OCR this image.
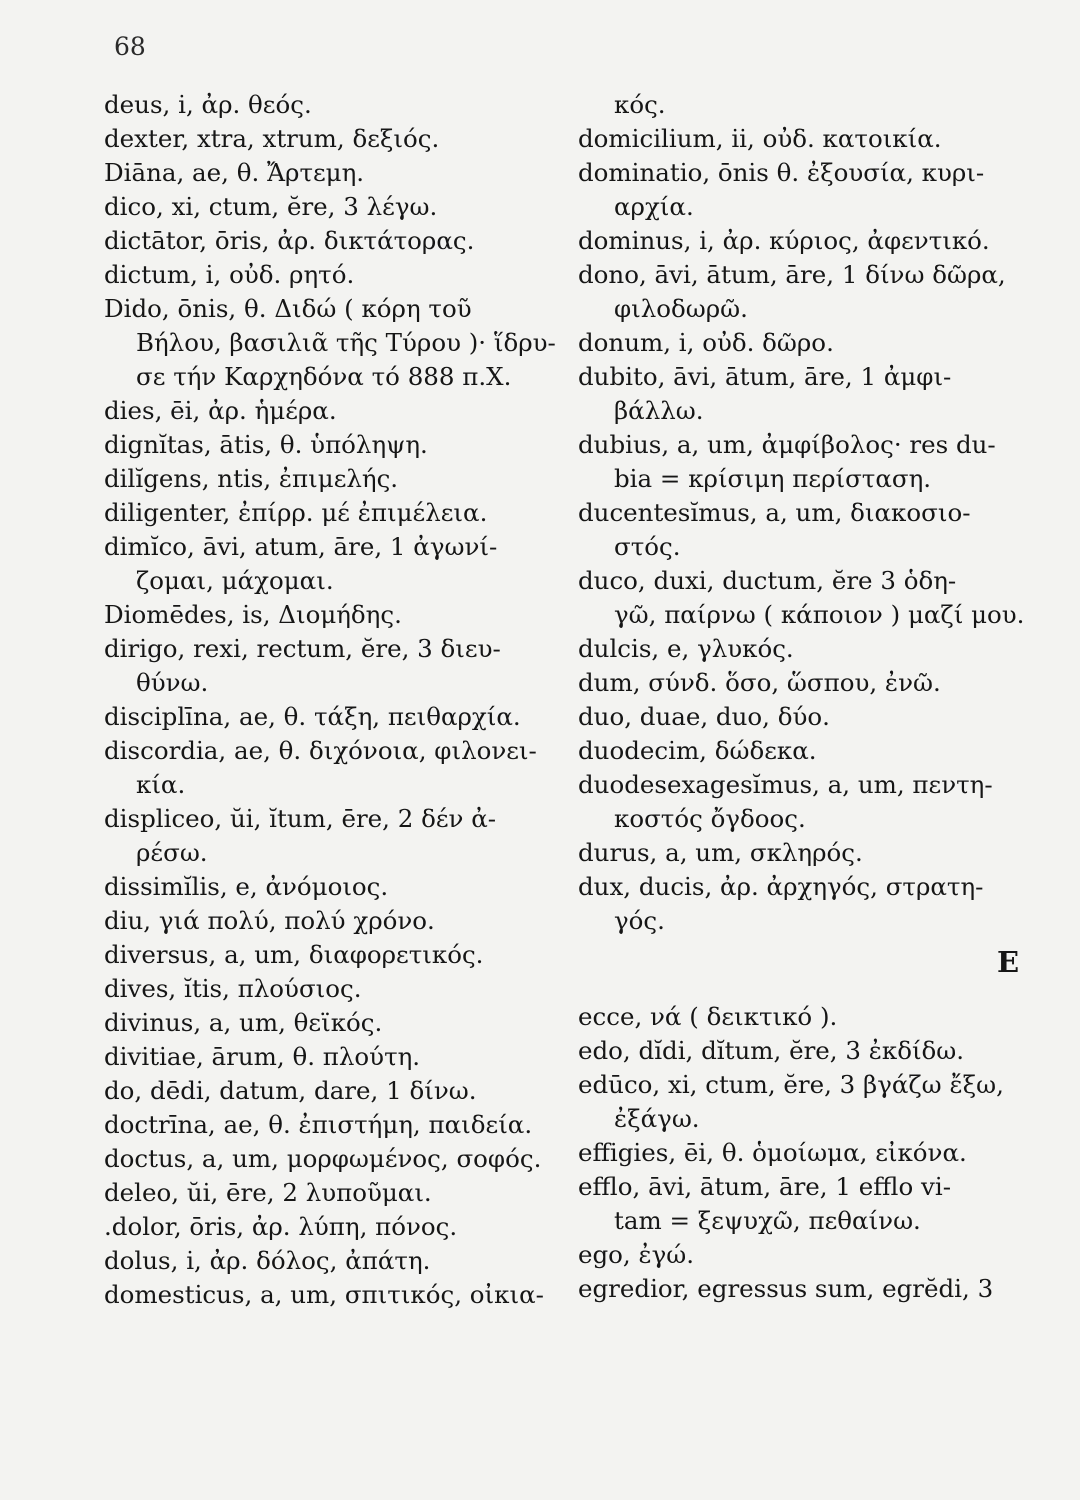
68
deus, i, ἀρ. θεός.
dexter, xtra, xtrum, δεξιός.
Diāna, ae, θ. Ἄρτεμη.
dico, xi, ctum, ĕre, 3 λέγω.
dictātor, ōris, ἀρ. δικτάτορας.
dictum, i, οὐδ. ρητό.
Dido, ōnis, θ. Διδώ ( κόρη τοῦ
Βήλου, βασιλιᾶ τῆς Τύρου )· ἵδρυ-
σε τήν Καρχηδόνα τό 888 π.Χ.
dies, ēi, ἀρ. ἡμέρα.
dignĭtas, ātis, θ. ὑπόληψη.
dilĭgens, ntis, ἐπιμελής.
diligenter, ἐπίρρ. μέ ἐπιμέλεια.
dimĭco, āvi, atum, āre, 1 ἀγωνί-
ζομαι, μάχομαι.
Diomēdes, is, Διομήδης.
dirigo, rexi, rectum, ĕre, 3 διευ-
θύνω.
disciplīna, ae, θ. τάξη, πειθαρχία.
discordia, ae, θ. διχόνοια, φιλονει-
κία.
displiceo, ŭi, ĭtum, ēre, 2 δέν ἀ-
ρέσω.
dissimĭlis, e, ἀνόμοιος.
diu, γιά πολύ, πολύ χρόνο.
diversus, a, um, διαφορετικός.
dives, ĭtis, πλούσιος.
divinus, a, um, θεϊκός.
divitiae, ārum, θ. πλούτη.
do, dēdi, datum, dare, 1 δίνω.
doctrīna, ae, θ. ἐπιστήμη, παιδεία.
doctus, a, um, μορφωμένος, σοφός.
deleo, ŭi, ēre, 2 λυποῦμαι.
.dolor, ōris, ἀρ. λύπη, πόνος.
dolus, i, ἀρ. δόλος, ἀπάτη.
domesticus, a, um, σπιτικός, οἰκια-
κός.
domicilium, ii, οὐδ. κατοικία.
dominatio, ōnis θ. ἐξουσία, κυρι-
αρχία.
dominus, i, ἀρ. κύριος, ἀφεντικό.
dono, āvi, ātum, āre, 1 δίνω δῶρα,
φιλοδωρῶ.
donum, i, οὐδ. δῶρο.
dubito, āvi, ātum, āre, 1 ἀμφι-
βάλλω.
dubius, a, um, ἀμφίβολος· res du-
bia = κρίσιμη περίσταση.
ducentesĭmus, a, um, διακοσιο-
στός.
duco, duxi, ductum, ĕre 3 ὁδη-
γῶ, παίρνω ( κάποιον ) μαζί μου.
dulcis, e, γλυκός.
dum, σύνδ. ὅσο, ὥσπου, ἐνῶ.
duo, duae, duo, δύο.
duodecim, δώδεκα.
duodesexagesĭmus, a, um, πεντη-
κοστός ὄγδοος.
durus, a, um, σκληρός.
dux, ducis, ἀρ. ἀρχηγός, στρατη-
γός.
E
ecce, νά ( δεικτικό ).
edo, dĭdi, dĭtum, ĕre, 3 ἐκδίδω.
edūco, xi, ctum, ĕre, 3 βγάζω ἔξω,
ἐξάγω.
effigies, ēi, θ. ὁμοίωμα, εἰκόνα.
efflo, āvi, ātum, āre, 1 efflo vi-
tam = ξεψυχῶ, πεθαίνω.
ego, ἐγώ.
egredior, egressus sum, egrĕdi, 3
